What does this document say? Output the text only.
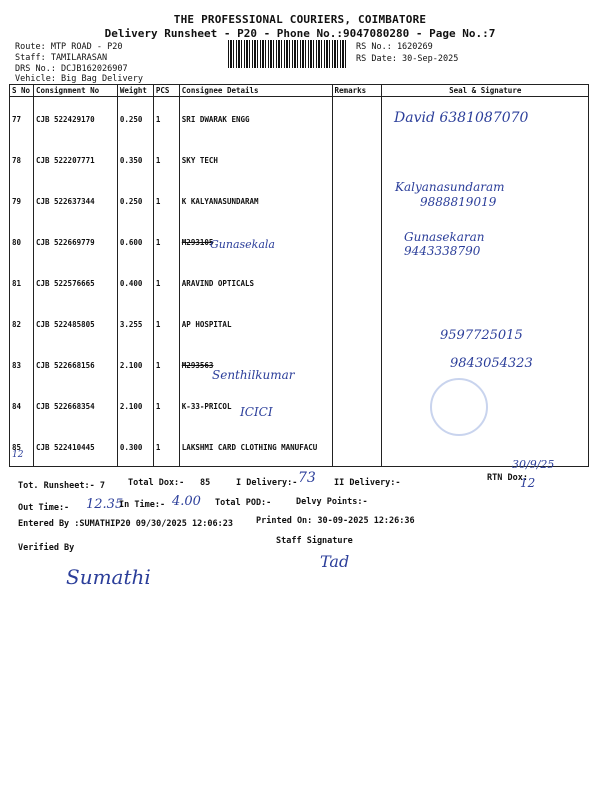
THE PROFESSIONAL COURIERS, COIMBATORE
Delivery Runsheet - P20 - Phone No.:9047080280 - Page No.:7
Route: MTP ROAD - P20
Staff: TAMILARASAN
DRS No.: DCJB162026907
Vehicle: Big Bag Delivery
RS No.: 1620269
RS Date: 30-Sep-2025
S No	Consignment No	Weight	PCS	Consignee Details	Remarks	Seal & Signature
77	CJB 522429170	0.250	1	SRI DWARAK ENGG		
78	CJB 522207771	0.350	1	SKY TECH		
79	CJB 522637344	0.250	1	K KALYANASUNDARAM		
80	CJB 522669779	0.600	1	M293105		
81	CJB 522576665	0.400	1	ARAVIND OPTICALS		
82	CJB 522485805	3.255	1	AP HOSPITAL		
83	CJB 522668156	2.100	1	M293563		
84	CJB 522668354	2.100	1	K-33-PRICOL		
85	CJB 522410445	0.300	1	LAKSHMI CARD CLOTHING MANUFACU		
David 6381087070
Kalyanasundaram
9888819019
Gunasekala
Gunasekaran
9443338790
9597725015
Senthilkumar
9843054323
ICICI
30/9/25
12
Tot. Runsheet:- 7	Total Dox:- 85	I Delivery:- 73 II Delivery:-	RTN Dox:
12
Out Time:- 12.35
In Time:- 4.00 Total POD:-	Delvy Points:-
Entered By :SUMATHIP20 09/30/2025 12:06:23	Printed On: 30-09-2025 12:26:36
Verified By
Staff Signature
Sumathi
Tad
